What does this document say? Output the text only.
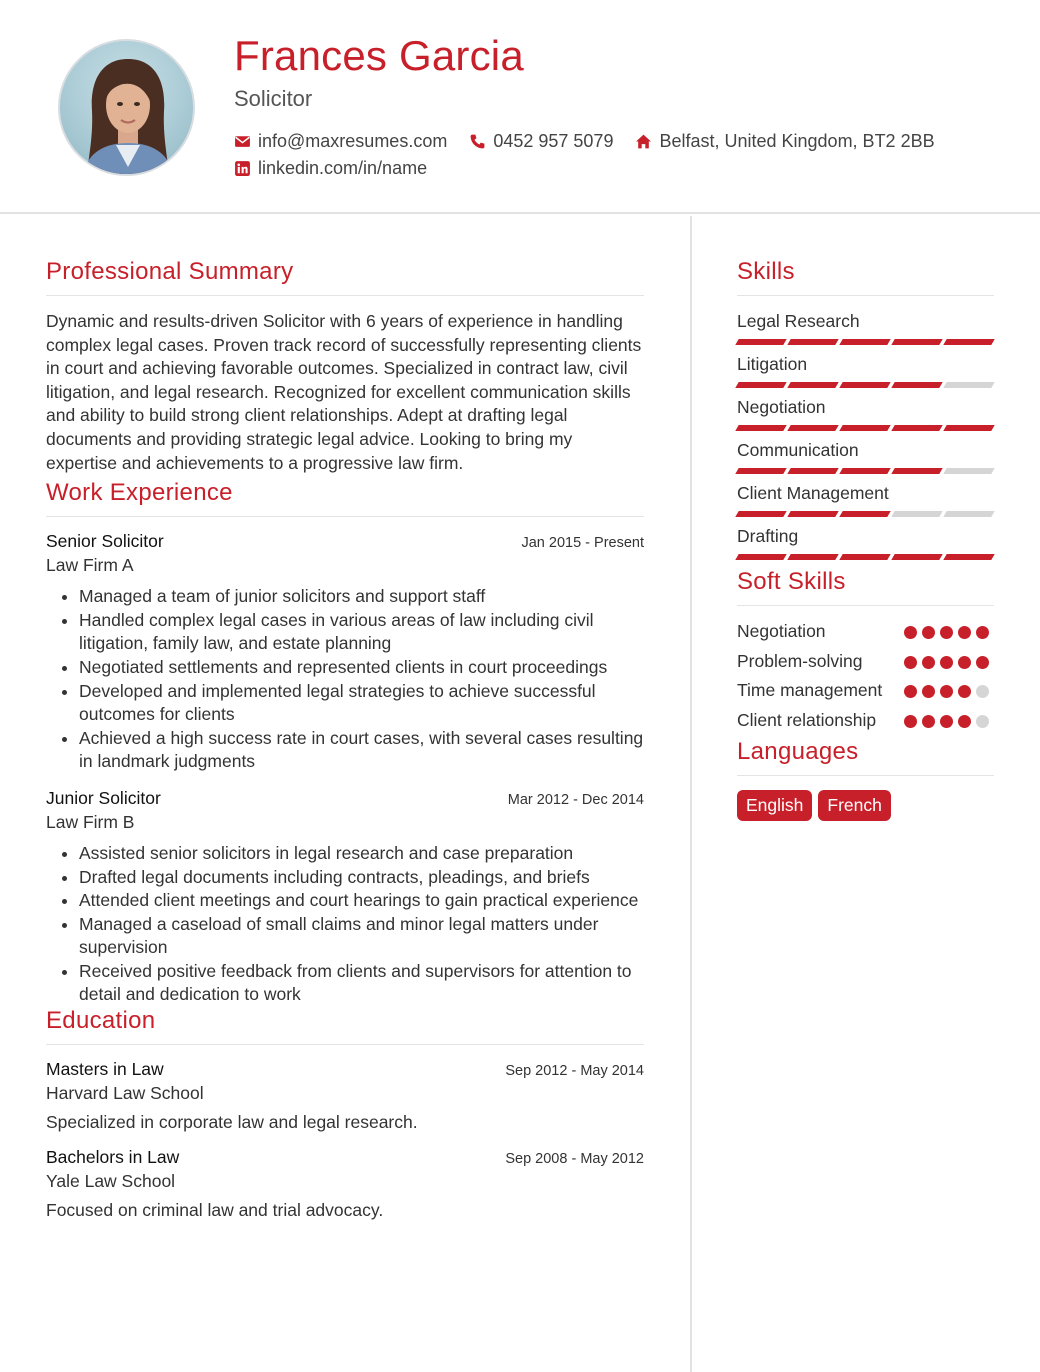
Frances Garcia
Solicitor
info@maxresumes.com	0452 957 5079	Belfast, United Kingdom, BT2 2BB
linkedin.com/in/name
Professional Summary

Dynamic and results-driven Solicitor with 6 years of experience in handling complex legal cases. Proven track record of successfully representing clients in court and achieving favorable outcomes. Specialized in contract law, civil litigation, and legal research. Recognized for excellent communication skills and ability to build strong client relationships. Adept at drafting legal documents and providing strategic legal advice. Looking to bring my expertise and achievements to a progressive law firm.

Work Experience
Senior Solicitor	Jan 2015 - Present
Law Firm A
• Managed a team of junior solicitors and support staff
• Handled complex legal cases in various areas of law including civil litigation, family law, and estate planning
• Negotiated settlements and represented clients in court proceedings
• Developed and implemented legal strategies to achieve successful outcomes for clients
• Achieved a high success rate in court cases, with several cases resulting in landmark judgments
Junior Solicitor	Mar 2012 - Dec 2014
Law Firm B
• Assisted senior solicitors in legal research and case preparation
• Drafted legal documents including contracts, pleadings, and briefs
• Attended client meetings and court hearings to gain practical experience
• Managed a caseload of small claims and minor legal matters under supervision
• Received positive feedback from clients and supervisors for attention to detail and dedication to work
Education
Masters in Law	Sep 2012 - May 2014
Harvard Law School
Specialized in corporate law and legal research.
Bachelors in Law	Sep 2008 - May 2012
Yale Law School
Focused on criminal law and trial advocacy.
Skills
Legal Research
Litigation
Negotiation
Communication
Client Management
Drafting
Soft Skills
Negotiation
Problem-solving
Time management
Client relationship
Languages
English	French
